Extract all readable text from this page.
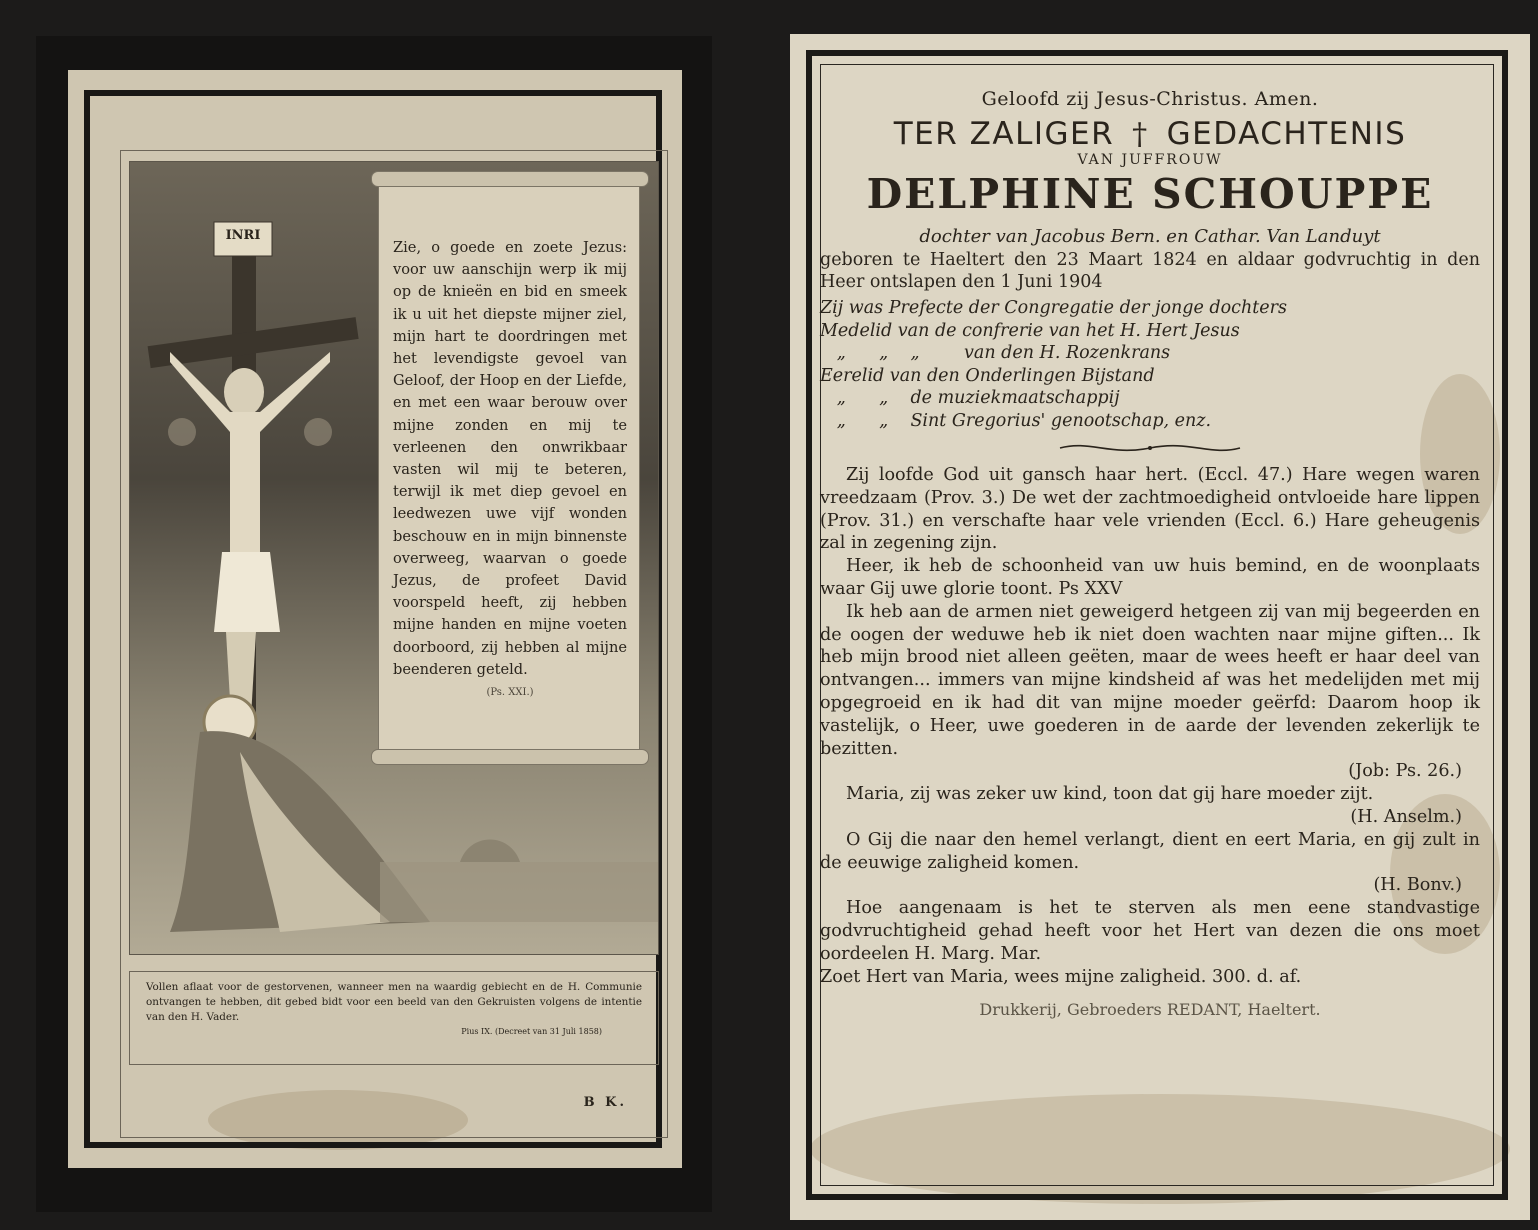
Zie, o goede en zoete Jezus: voor uw aanschijn werp ik mij op de knieën en bid en smeek ik u uit het diepste mijner ziel, mijn hart te doordringen met het levendigste gevoel van Geloof, der Hoop en der Liefde, en met een waar berouw over mijne zonden en mij te verleenen den onwrikbaar vasten wil mij te beteren, terwijl ik met diep gevoel en leedwezen uwe vijf wonden beschouw en in mijn binnenste overweeg, waarvan o goede Jezus, de profeet David voorspeld heeft, zij hebben mijne handen en mijne voeten doorboord, zij hebben al mijne beenderen geteld.

(Ps. XXI.)
INRI

Vollen aflaat voor de gestorvenen, wanneer men na waardig gebiecht en de H. Communie ontvangen te hebben, dit gebed bidt voor een beeld van den Gekruisten volgens de intentie van den H. Vader.

Pius IX. (Decreet van 31 Juli 1858)
B K.

Geloofd zij Jesus-Christus. Amen.

TER ZALIGER † GEDACHTENIS
VAN JUFFROUW
DELPHINE SCHOUPPE
dochter van Jacobus Bern. en Cathar. Van Landuyt
geboren te Haeltert den 23 Maart 1824 en aldaar godvruchtig in den Heer ontslapen den 1 Juni 1904
Zij was Prefecte der Congregatie der jonge dochters
Medelid van de confrerie van het H. Hert Jesus
„      „    „        van den H. Rozenkrans
Eerelid van den Onderlingen Bijstand
„      „    de muziekmaatschappij
„      „    Sint Gregorius' genootschap, enz.

Zij loofde God uit gansch haar hert. (Eccl. 47.) Hare wegen waren vreedzaam (Prov. 3.) De wet der zachtmoedigheid ontvloeide hare lippen (Prov. 31.) en verschafte haar vele vrienden (Eccl. 6.) Hare geheugenis zal in zegening zijn.

Heer, ik heb de schoonheid van uw huis bemind, en de woonplaats waar Gij uwe glorie toont. Ps XXV

Ik heb aan de armen niet geweigerd hetgeen zij van mij begeerden en de oogen der weduwe heb ik niet doen wachten naar mijne giften... Ik heb mijn brood niet alleen geëten, maar de wees heeft er haar deel van ontvangen... immers van mijne kindsheid af was het medelijden met mij opgegroeid en ik had dit van mijne moeder geërfd: Daarom hoop ik vastelijk, o Heer, uwe goederen in de aarde der levenden zekerlijk te bezitten.

(Job: Ps. 26.)

Maria, zij was zeker uw kind, toon dat gij hare moeder zijt.

(H. Anselm.)

O Gij die naar den hemel verlangt, dient en eert Maria, en gij zult in de eeuwige zaligheid komen.

(H. Bonv.)

Hoe aangenaam is het te sterven als men eene standvastige godvruchtigheid gehad heeft voor het Hert van dezen die ons moet oordeelen H. Marg. Mar.

Zoet Hert van Maria, wees mijne zaligheid. 300. d. af.

Drukkerij, Gebroeders REDANT, Haeltert.
